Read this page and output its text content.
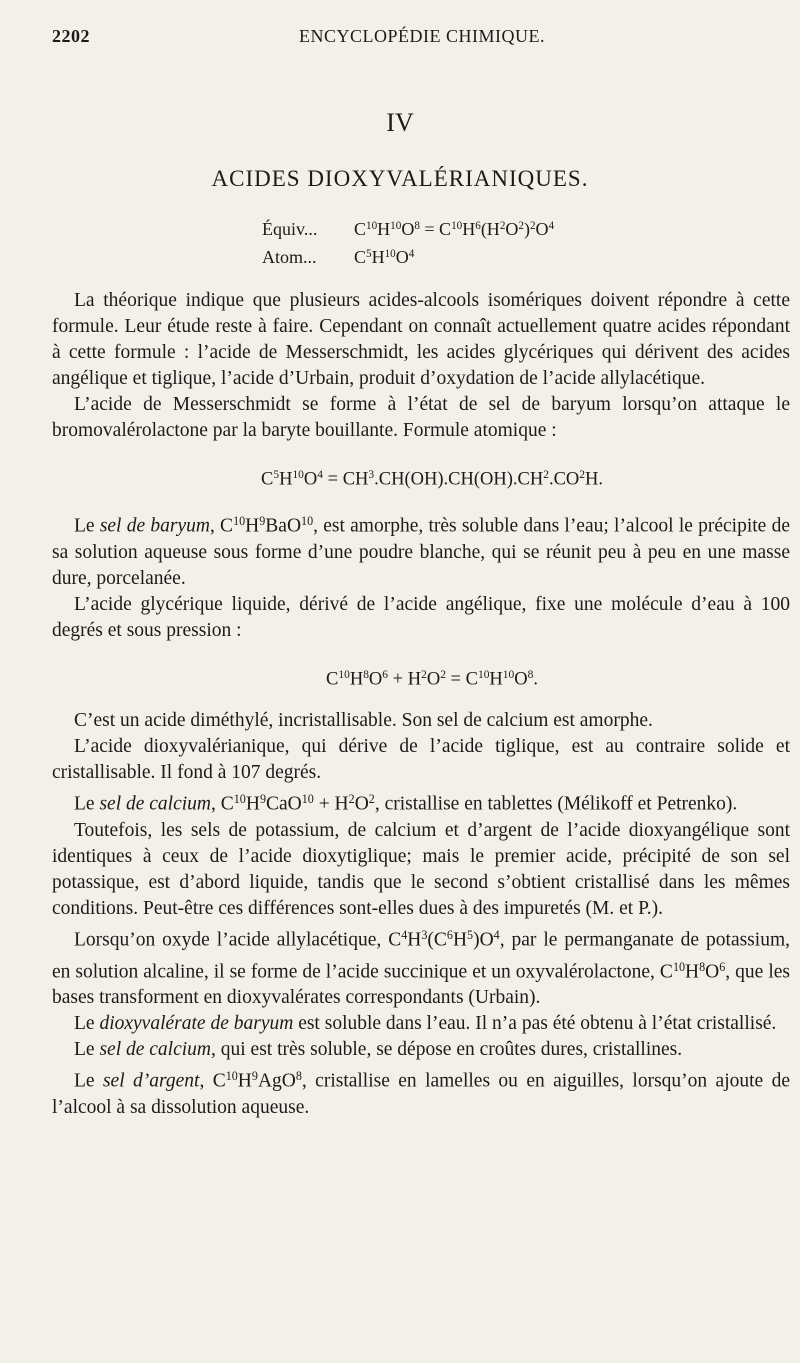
2202	ENCYCLOPÉDIE CHIMIQUE.
IV
ACIDES DIOXYVALÉRIANIQUES.
Équiv... $C^{10}H^{10}O^8 = C^{10}H^6(H^2O^2)^2O^4$
Atom... $C^5H^{10}O^4$

La théorique indique que plusieurs acides-alcools isomériques doivent répondre à cette formule. Leur étude reste à faire. Cependant on connaît actuellement quatre acides répondant à cette formule : l’acide de Messerschmidt, les acides glycériques qui dérivent des acides angélique et tiglique, l’acide d’Urbain, produit d’oxydation de l’acide allylacétique.

L’acide de Messerschmidt se forme à l’état de sel de baryum lorsqu’on attaque le bromovalérolactone par la baryte bouillante. Formule atomique :

$C^5H^{10}O^4 = CH^3.CH(OH).CH(OH).CH^2.CO^2H$.

Le sel de baryum, $C^{10}H^9BaO^{10}$, est amorphe, très soluble dans l’eau; l’alcool le précipite de sa solution aqueuse sous forme d’une poudre blanche, qui se réunit peu à peu en une masse dure, porcelanée.

L’acide glycérique liquide, dérivé de l’acide angélique, fixe une molécule d’eau à 100 degrés et sous pression :

$C^{10}H^8O^6 + H^2O^2 = C^{10}H^{10}O^8$.

C’est un acide diméthylé, incristallisable. Son sel de calcium est amorphe.

L’acide dioxyvalérianique, qui dérive de l’acide tiglique, est au contraire solide et cristallisable. Il fond à 107 degrés.

Le sel de calcium, $C^{10}H^9CaO^{10} + H^2O^2$, cristallise en tablettes (Mélikoff et Petrenko).

Toutefois, les sels de potassium, de calcium et d’argent de l’acide dioxyangélique sont identiques à ceux de l’acide dioxytiglique; mais le premier acide, précipité de son sel potassique, est d’abord liquide, tandis que le second s’obtient cristallisé dans les mêmes conditions. Peut-être ces différences sont-elles dues à des impuretés (M. et P.).

Lorsqu’on oxyde l’acide allylacétique, $C^4H^3(C^6H^5)O^4$, par le permanganate de potassium, en solution alcaline, il se forme de l’acide succinique et un oxyvalérolactone, $C^{10}H^8O^6$, que les bases transforment en dioxyvalérates correspondants (Urbain).

Le dioxyvalérate de baryum est soluble dans l’eau. Il n’a pas été obtenu à l’état cristallisé.

Le sel de calcium, qui est très soluble, se dépose en croûtes dures, cristallines.

Le sel d’argent, $C^{10}H^9AgO^8$, cristallise en lamelles ou en aiguilles, lorsqu’on ajoute de l’alcool à sa dissolution aqueuse.
